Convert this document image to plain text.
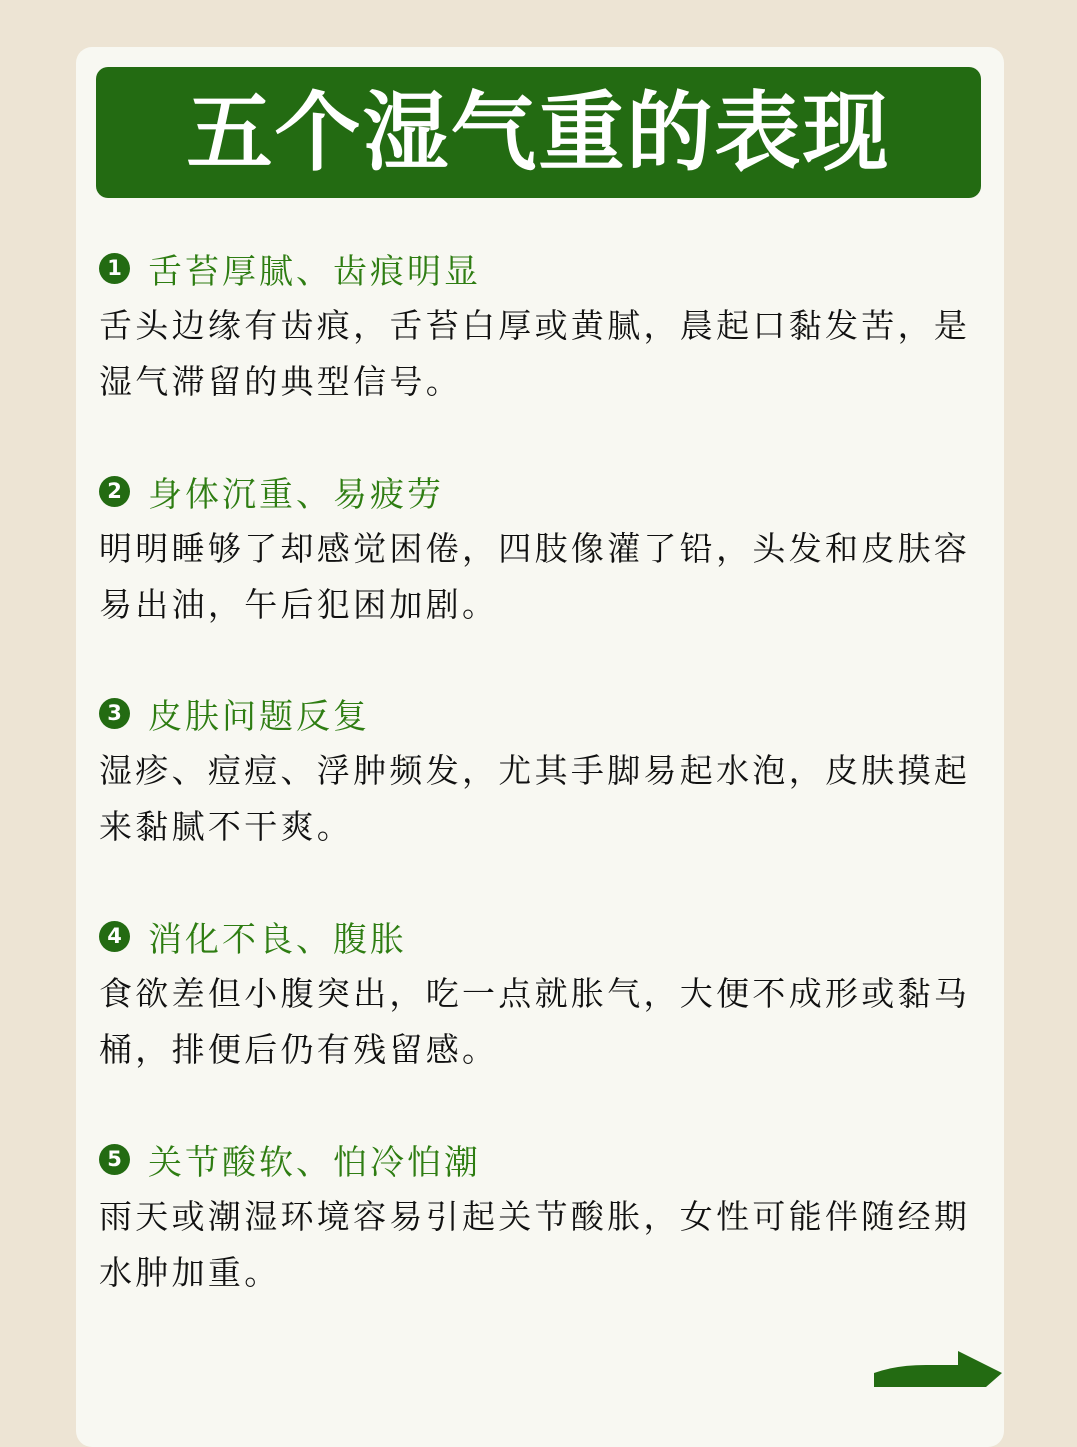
五个湿气重的表现
1 舌苔厚腻、齿痕明显

舌头边缘有齿痕，舌苔白厚或黄腻，晨起口黏发苦，是湿气滞留的典型信号。

2 身体沉重、易疲劳

明明睡够了却感觉困倦，四肢像灌了铅，头发和皮肤容易出油，午后犯困加剧。

3 皮肤问题反复

湿疹、痘痘、浮肿频发，尤其手脚易起水泡，皮肤摸起来黏腻不干爽。

4 消化不良、腹胀

食欲差但小腹突出，吃一点就胀气，大便不成形或黏马桶，排便后仍有残留感。

5 关节酸软、怕冷怕潮

雨天或潮湿环境容易引起关节酸胀，女性可能伴随经期水肿加重。
